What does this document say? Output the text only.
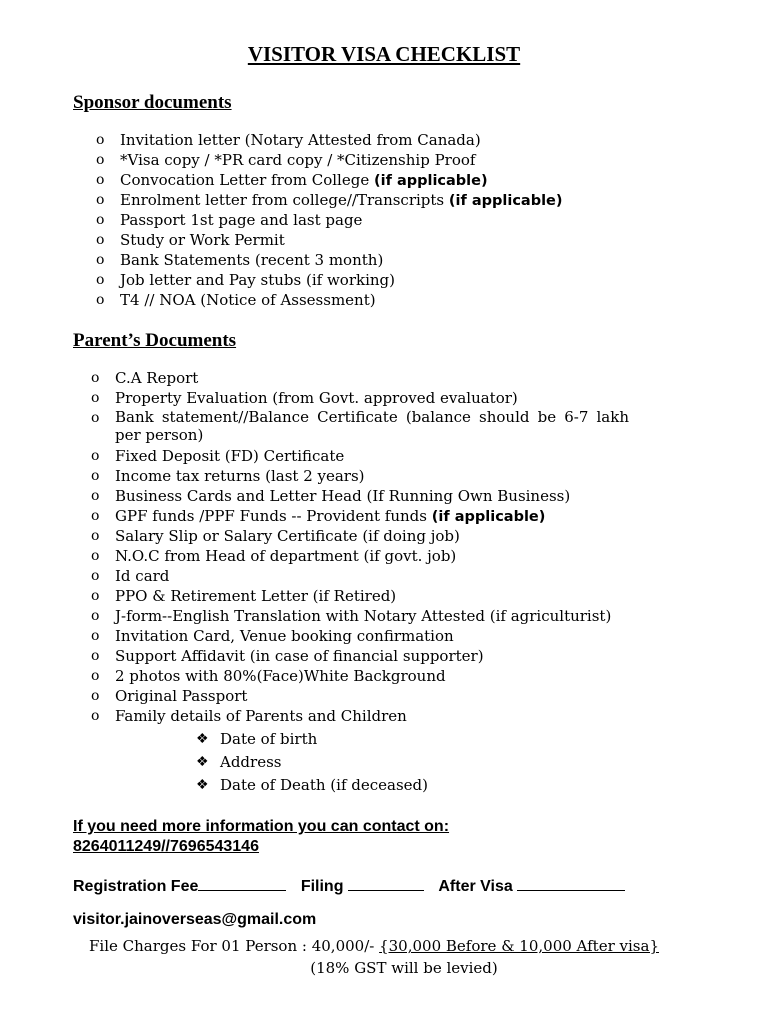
VISITOR VISA CHECKLIST
Sponsor documents
o Invitation letter (Notary Attested from Canada)
o *Visa copy / *PR card copy / *Citizenship Proof
o Convocation Letter from College (if applicable)
o Enrolment letter from college//Transcripts (if applicable)
o Passport 1st page and last page
o Study or Work Permit
o Bank Statements (recent 3 month)
o Job letter and Pay stubs (if working)
o T4 // NOA (Notice of Assessment)
Parent’s Documents
o C.A Report
o Property Evaluation (from Govt. approved evaluator)
o Bank statement//Balance Certificate (balance should be 6-7 lakh per person)
o Fixed Deposit (FD) Certificate
o Income tax returns (last 2 years)
o Business Cards and Letter Head (If Running Own Business)
o GPF funds /PPF Funds -- Provident funds (if applicable)
o Salary Slip or Salary Certificate (if doing job)
o N.O.C from Head of department (if govt. job)
o Id card
o PPO & Retirement Letter (if Retired)
o J-form--English Translation with Notary Attested (if agriculturist)
o Invitation Card, Venue booking confirmation
o Support Affidavit (in case of financial supporter)
o 2 photos with 80%(Face)White Background
o Original Passport
o Family details of Parents and Children
❖ Date of birth
❖ Address
❖ Date of Death (if deceased)
If you need more information you can contact on:
8264011249//7696543146
Registration Fee	Filing	After Visa
visitor.jainoverseas@gmail.com
File Charges For 01 Person : 40,000/- {30,000 Before & 10,000 After visa}
(18% GST will be levied)
